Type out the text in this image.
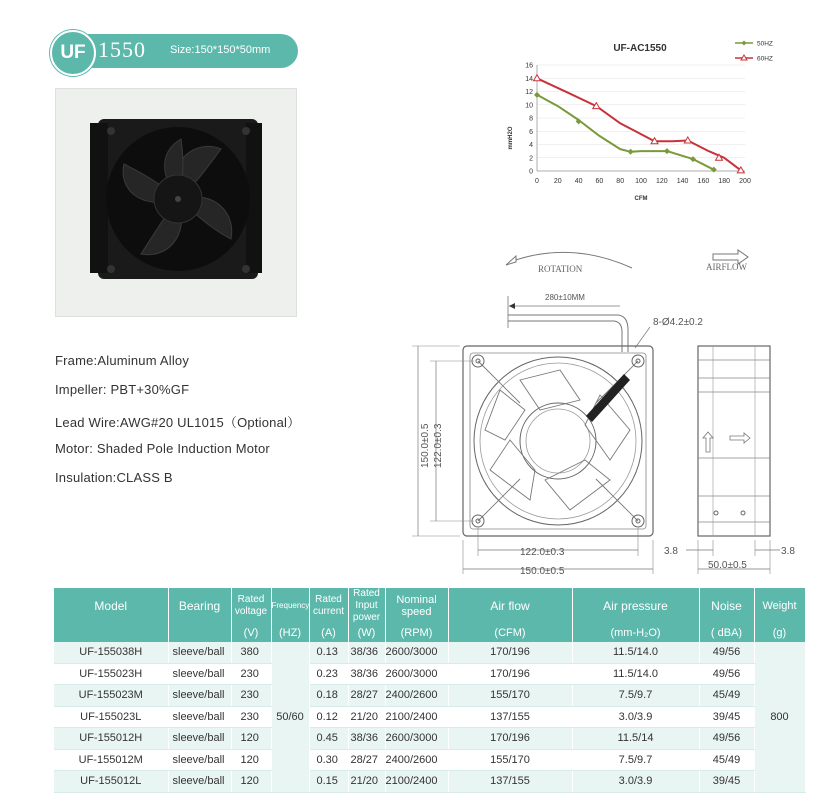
UF 1550 Size:150*150*50mm
Frame:Aluminum Alloy
Impeller: PBT+30%GF
Lead Wire:AWG#20 UL1015（Optional）
Motor: Shaded Pole Induction Motor
Insulation:CLASS B
UF-AC1550
mmH2O
CFM
0
2
4
6
8
10
12
14
16
0 20 40 60 80 100 120 140 160 180 200
50HZ
60HZ
ROTATION	AIRFLOW
280±10MM
8-Ø4.2±0.2
150.0±0.5 122.0±0.3
122.0±0.3
150.0±0.5
3.8	3.8
50.0±0.5
Model	Bearing	Rated voltage	Frequency	Rated current	Rated Input power	Nominal speed	Air flow	Air pressure	Noise	Weight
		(V)	(HZ)	(A)	(W)	(RPM)	(CFM)	(mm-H₂O)	( dBA)	(g)
UF-155038H	sleeve/ball	380	50/60	0.13	38/36	2600/3000	170/196	11.5/14.0	49/56	800
UF-155023H	sleeve/ball	230		0.23	38/36	2600/3000	170/196	11.5/14.0	49/56	
UF-155023M	sleeve/ball	230		0.18	28/27	2400/2600	155/170	7.5/9.7	45/49	
UF-155023L	sleeve/ball	230		0.12	21/20	2100/2400	137/155	3.0/3.9	39/45	
UF-155012H	sleeve/ball	120		0.45	38/36	2600/3000	170/196	11.5/14	49/56	
UF-155012M	sleeve/ball	120		0.30	28/27	2400/2600	155/170	7.5/9.7	45/49	
UF-155012L	sleeve/ball	120		0.15	21/20	2100/2400	137/155	3.0/3.9	39/45	
